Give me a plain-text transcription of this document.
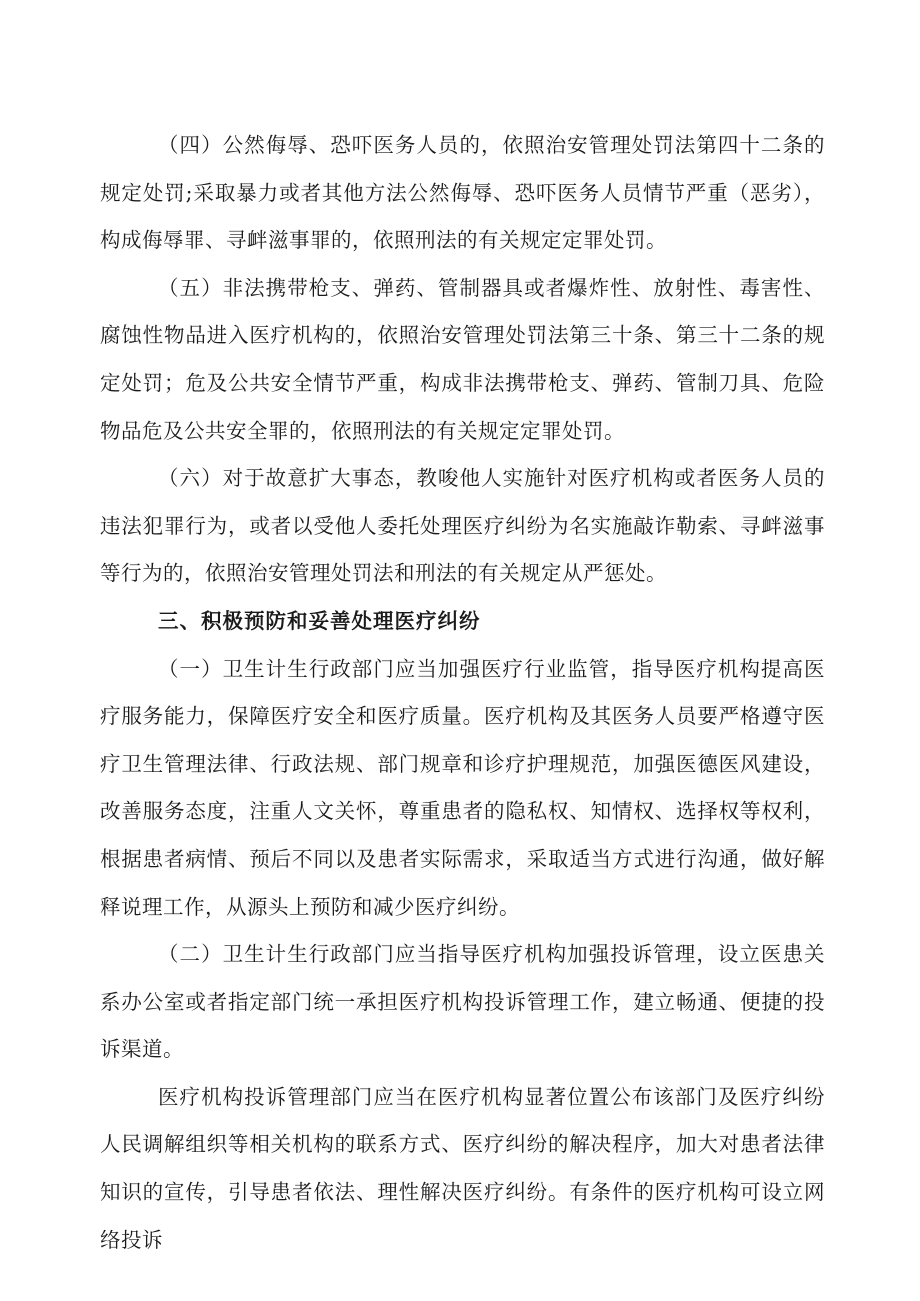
（四）公然侮辱、恐吓医务人员的，依照治安管理处罚法第四十二条的规定处罚;采取暴力或者其他方法公然侮辱、恐吓医务人员情节严重（恶劣），构成侮辱罪、寻衅滋事罪的，依照刑法的有关规定定罪处罚。

（五）非法携带枪支、弹药、管制器具或者爆炸性、放射性、毒害性、腐蚀性物品进入医疗机构的，依照治安管理处罚法第三十条、第三十二条的规定处罚；危及公共安全情节严重，构成非法携带枪支、弹药、管制刀具、危险物品危及公共安全罪的，依照刑法的有关规定定罪处罚。

（六）对于故意扩大事态，教唆他人实施针对医疗机构或者医务人员的违法犯罪行为，或者以受他人委托处理医疗纠纷为名实施敲诈勒索、寻衅滋事等行为的，依照治安管理处罚法和刑法的有关规定从严惩处。

三、积极预防和妥善处理医疗纠纷

（一）卫生计生行政部门应当加强医疗行业监管，指导医疗机构提高医疗服务能力，保障医疗安全和医疗质量。医疗机构及其医务人员要严格遵守医疗卫生管理法律、行政法规、部门规章和诊疗护理规范，加强医德医风建设，改善服务态度，注重人文关怀，尊重患者的隐私权、知情权、选择权等权利，根据患者病情、预后不同以及患者实际需求，采取适当方式进行沟通，做好解释说理工作，从源头上预防和减少医疗纠纷。

（二）卫生计生行政部门应当指导医疗机构加强投诉管理，设立医患关系办公室或者指定部门统一承担医疗机构投诉管理工作，建立畅通、便捷的投诉渠道。

医疗机构投诉管理部门应当在医疗机构显著位置公布该部门及医疗纠纷人民调解组织等相关机构的联系方式、医疗纠纷的解决程序，加大对患者法律知识的宣传，引导患者依法、理性解决医疗纠纷。有条件的医疗机构可设立网络投诉
